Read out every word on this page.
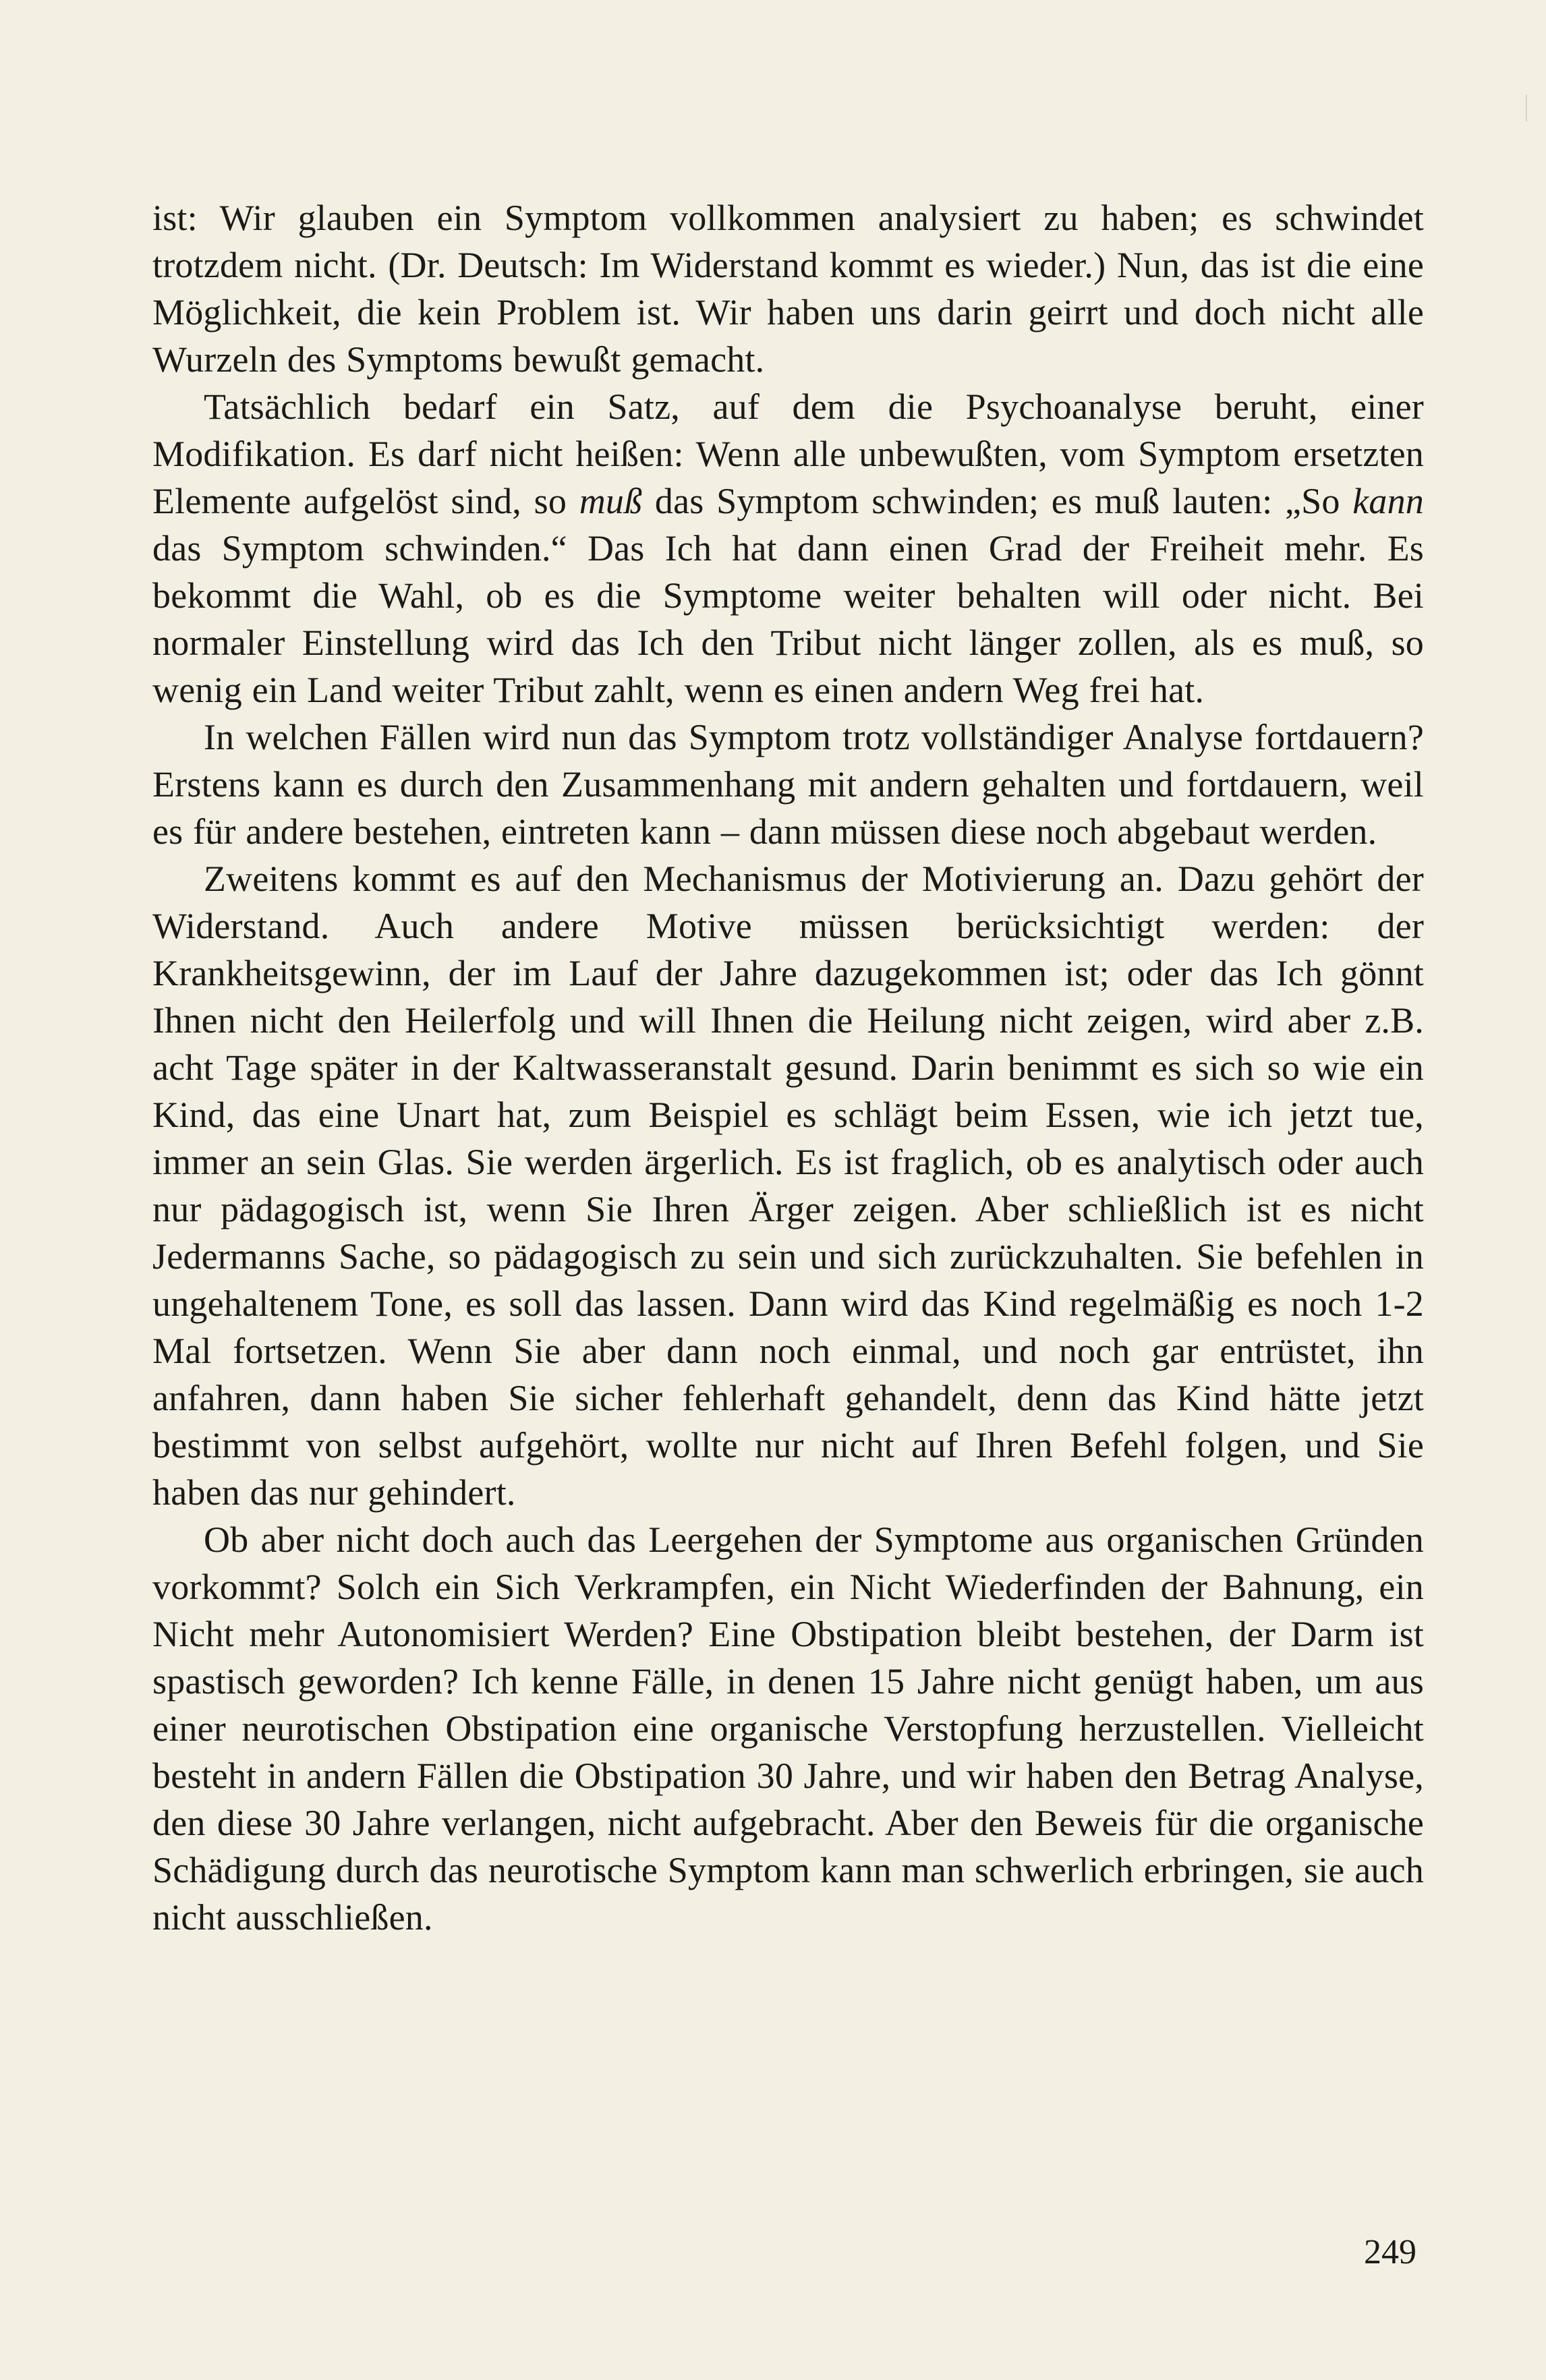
ist: Wir glauben ein Symptom vollkommen analysiert zu haben; es schwindet trotzdem nicht. (Dr. Deutsch: Im Widerstand kommt es wieder.) Nun, das ist die eine Möglichkeit, die kein Problem ist. Wir haben uns darin geirrt und doch nicht alle Wurzeln des Symptoms bewußt gemacht.

Tatsächlich bedarf ein Satz, auf dem die Psychoanalyse beruht, einer Modifikation. Es darf nicht heißen: Wenn alle unbewußten, vom Symptom ersetzten Elemente aufgelöst sind, so muß das Symptom schwinden; es muß lauten: „So kann das Symptom schwinden.“ Das Ich hat dann einen Grad der Freiheit mehr. Es bekommt die Wahl, ob es die Symptome weiter behalten will oder nicht. Bei normaler Einstellung wird das Ich den Tribut nicht länger zollen, als es muß, so wenig ein Land weiter Tribut zahlt, wenn es einen andern Weg frei hat.

In welchen Fällen wird nun das Symptom trotz vollständiger Analyse fortdauern? Erstens kann es durch den Zusammenhang mit andern gehalten und fortdauern, weil es für andere bestehen, eintreten kann – dann müssen diese noch abgebaut werden.

Zweitens kommt es auf den Mechanismus der Motivierung an. Dazu gehört der Widerstand. Auch andere Motive müssen berücksichtigt werden: der Krankheitsgewinn, der im Lauf der Jahre dazugekommen ist; oder das Ich gönnt Ihnen nicht den Heilerfolg und will Ihnen die Heilung nicht zeigen, wird aber z.B. acht Tage später in der Kaltwasseranstalt gesund. Darin benimmt es sich so wie ein Kind, das eine Unart hat, zum Beispiel es schlägt beim Essen, wie ich jetzt tue, immer an sein Glas. Sie werden ärgerlich. Es ist fraglich, ob es analytisch oder auch nur pädagogisch ist, wenn Sie Ihren Ärger zeigen. Aber schließlich ist es nicht Jedermanns Sache, so pädagogisch zu sein und sich zurückzuhalten. Sie befehlen in ungehaltenem Tone, es soll das lassen. Dann wird das Kind regelmäßig es noch 1-2 Mal fortsetzen. Wenn Sie aber dann noch einmal, und noch gar entrüstet, ihn anfahren, dann haben Sie sicher fehlerhaft gehandelt, denn das Kind hätte jetzt bestimmt von selbst aufgehört, wollte nur nicht auf Ihren Befehl folgen, und Sie haben das nur gehindert.

Ob aber nicht doch auch das Leergehen der Symptome aus organischen Gründen vorkommt? Solch ein Sich Verkrampfen, ein Nicht Wiederfinden der Bahnung, ein Nicht mehr Autonomisiert Werden? Eine Obstipation bleibt bestehen, der Darm ist spastisch geworden? Ich kenne Fälle, in denen 15 Jahre nicht genügt haben, um aus einer neurotischen Obstipation eine organische Verstopfung herzustellen. Vielleicht besteht in andern Fällen die Obstipation 30 Jahre, und wir haben den Betrag Analyse, den diese 30 Jahre verlangen, nicht aufgebracht. Aber den Beweis für die organische Schädigung durch das neurotische Symptom kann man schwerlich erbringen, sie auch nicht ausschließen.

249
